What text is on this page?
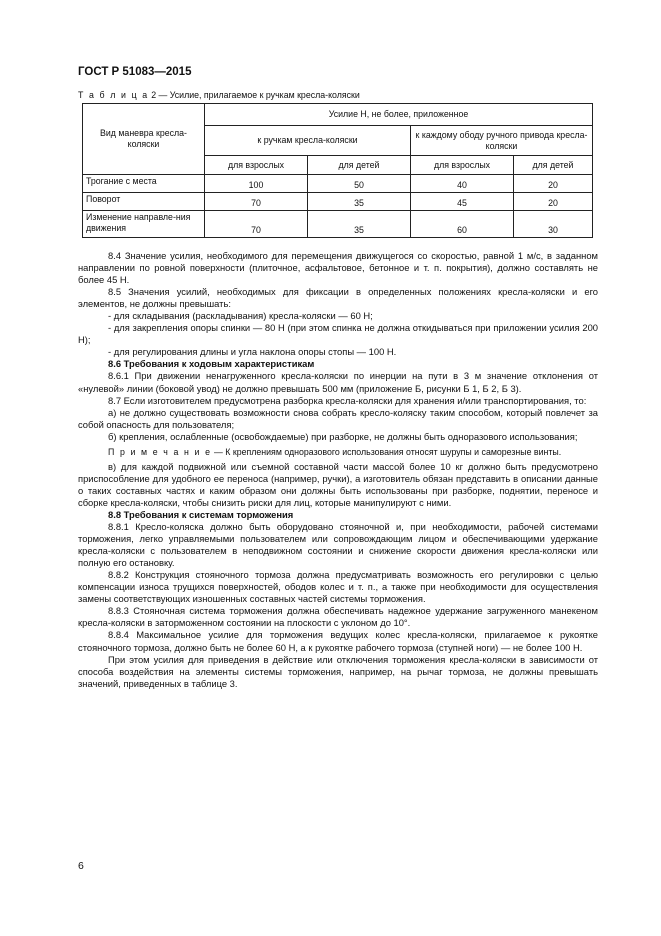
ГОСТ Р 51083—2015
Т а б л и ц а 2 — Усилие, прилагаемое к ручкам кресла-коляски
Вид маневра кресла-коляски	Усилие Н, не более, приложенное			
	к ручкам кресла-коляски		к каждому ободу ручного привода кресла-коляски	
	для взрослых	для детей	для взрослых	для детей
Трогание с места	100	50	40	20
Поворот	70	35	45	20
Изменение направле-ния движения	70	35	60	30

8.4 Значение усилия, необходимого для перемещения движущегося со скоростью, равной 1 м/с, в заданном направлении по ровной поверхности (плиточное, асфальтовое, бетонное и т. п. покрытия), должно составлять не более 45 Н.

8.5 Значения усилий, необходимых для фиксации в определенных положениях кресла-коляски и его элементов, не должны превышать:

- для складывания (раскладывания) кресла-коляски — 60 Н;

- для закрепления опоры спинки — 80 Н (при этом спинка не должна откидываться при приложении усилия 200 Н);

- для регулирования длины и угла наклона опоры стопы — 100 Н.

8.6 Требования к ходовым характеристикам

8.6.1 При движении ненагруженного кресла-коляски по инерции на пути в 3 м значение отклонения от «нулевой» линии (боковой увод) не должно превышать 500 мм (приложение Б, рисунки Б 1, Б 2, Б 3).

8.7 Если изготовителем предусмотрена разборка кресла-коляски для хранения и/или транспортирования, то:

а) не должно существовать возможности снова собрать кресло-коляску таким способом, который повлечет за собой опасность для пользователя;

б) крепления, ослабленные (освобождаемые) при разборке, не должны быть одноразового использования;

П р и м е ч а н и е — К креплениям одноразового использования относят шурупы и саморезные винты.

в) для каждой подвижной или съемной составной части массой более 10 кг должно быть предусмотрено приспособление для удобного ее переноса (например, ручки), а изготовитель обязан представить в описании данные о таких составных частях и каким образом они должны быть использованы при разборке, поднятии, переносе и сборке кресла-коляски, чтобы снизить риски для лиц, которые манипулируют с ними.

8.8 Требования к системам торможения

8.8.1 Кресло-коляска должно быть оборудовано стояночной и, при необходимости, рабочей системами торможения, легко управляемыми пользователем или сопровождающим лицом и обеспечивающими удержание кресла-коляски с пользователем в неподвижном состоянии и снижение скорости движения кресла-коляски или полную его остановку.

8.8.2 Конструкция стояночного тормоза должна предусматривать возможность его регулировки с целью компенсации износа трущихся поверхностей, ободов колес и т. п., а также при необходимости для осуществления замены соответствующих изношенных составных частей системы торможения.

8.8.3 Стояночная система торможения должна обеспечивать надежное удержание загруженного манекеном кресла-коляски в заторможенном состоянии на плоскости с уклоном до 10°.

8.8.4 Максимальное усилие для торможения ведущих колес кресла-коляски, прилагаемое к рукоятке стояночного тормоза, должно быть не более 60 Н, а к рукоятке рабочего тормоза (ступней ноги) — не более 100 Н.

При этом усилия для приведения в действие или отключения торможения кресла-коляски в зависимости от способа воздействия на элементы системы торможения, например, на рычаг тормоза, не должны превышать значений, приведенных в таблице 3.

6
